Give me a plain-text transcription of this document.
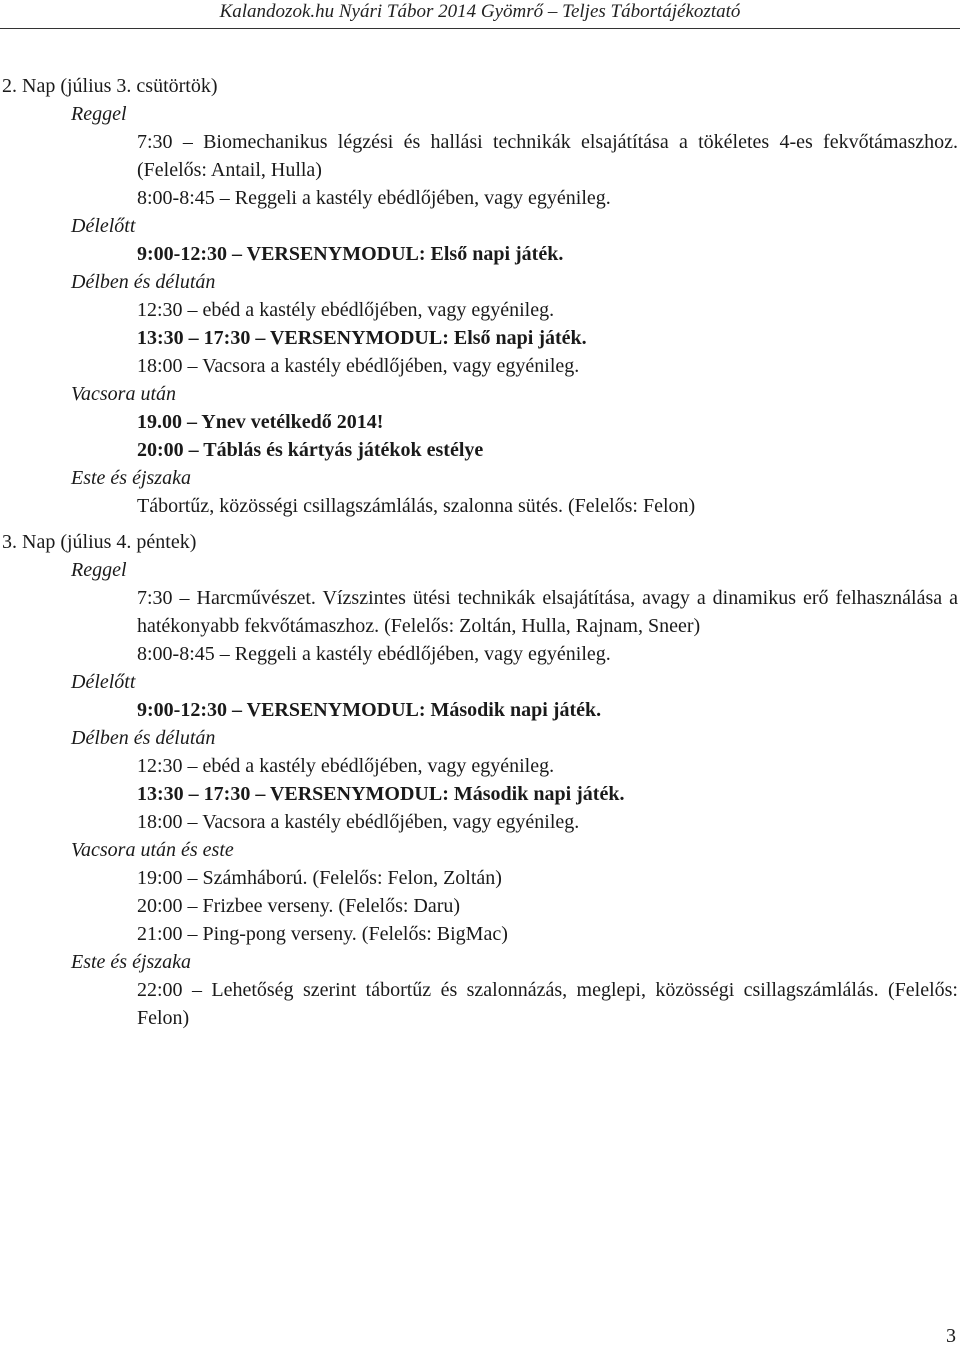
Kalandozok.hu Nyári Tábor 2014 Gyömrő – Teljes Tábortájékoztató
2. Nap (július 3. csütörtök)
Reggel
7:30 – Biomechanikus légzési és hallási technikák elsajátítása a tökéletes 4-es fekvőtámaszhoz. (Felelős: Antail, Hulla)
8:00-8:45 – Reggeli a kastély ebédlőjében, vagy egyénileg.
Délelőtt
9:00-12:30 – VERSENYMODUL: Első napi játék.
Délben és délután
12:30 – ebéd a kastély ebédlőjében, vagy egyénileg.
13:30 – 17:30 – VERSENYMODUL: Első napi játék.
18:00 – Vacsora a kastély ebédlőjében, vagy egyénileg.
Vacsora után
19.00 – Ynev vetélkedő 2014!
20:00 – Táblás és kártyás játékok estélye
Este és éjszaka
Tábortűz, közösségi csillagszámlálás, szalonna sütés. (Felelős: Felon)
3. Nap (július 4. péntek)
Reggel
7:30 – Harcművészet. Vízszintes ütési technikák elsajátítása, avagy a dinamikus erő felhasználása a hatékonyabb fekvőtámaszhoz. (Felelős: Zoltán, Hulla, Rajnam, Sneer)
8:00-8:45 – Reggeli a kastély ebédlőjében, vagy egyénileg.
Délelőtt
9:00-12:30 – VERSENYMODUL: Második napi játék.
Délben és délután
12:30 – ebéd a kastély ebédlőjében, vagy egyénileg.
13:30 – 17:30 – VERSENYMODUL: Második napi játék.
18:00 – Vacsora a kastély ebédlőjében, vagy egyénileg.
Vacsora után és este
19:00 – Számháború. (Felelős: Felon, Zoltán)
20:00 – Frizbee verseny. (Felelős: Daru)
21:00 – Ping-pong verseny. (Felelős: BigMac)
Este és éjszaka
22:00 – Lehetőség szerint tábortűz és szalonnázás, meglepi, közösségi csillagszámlálás. (Felelős: Felon)
3
